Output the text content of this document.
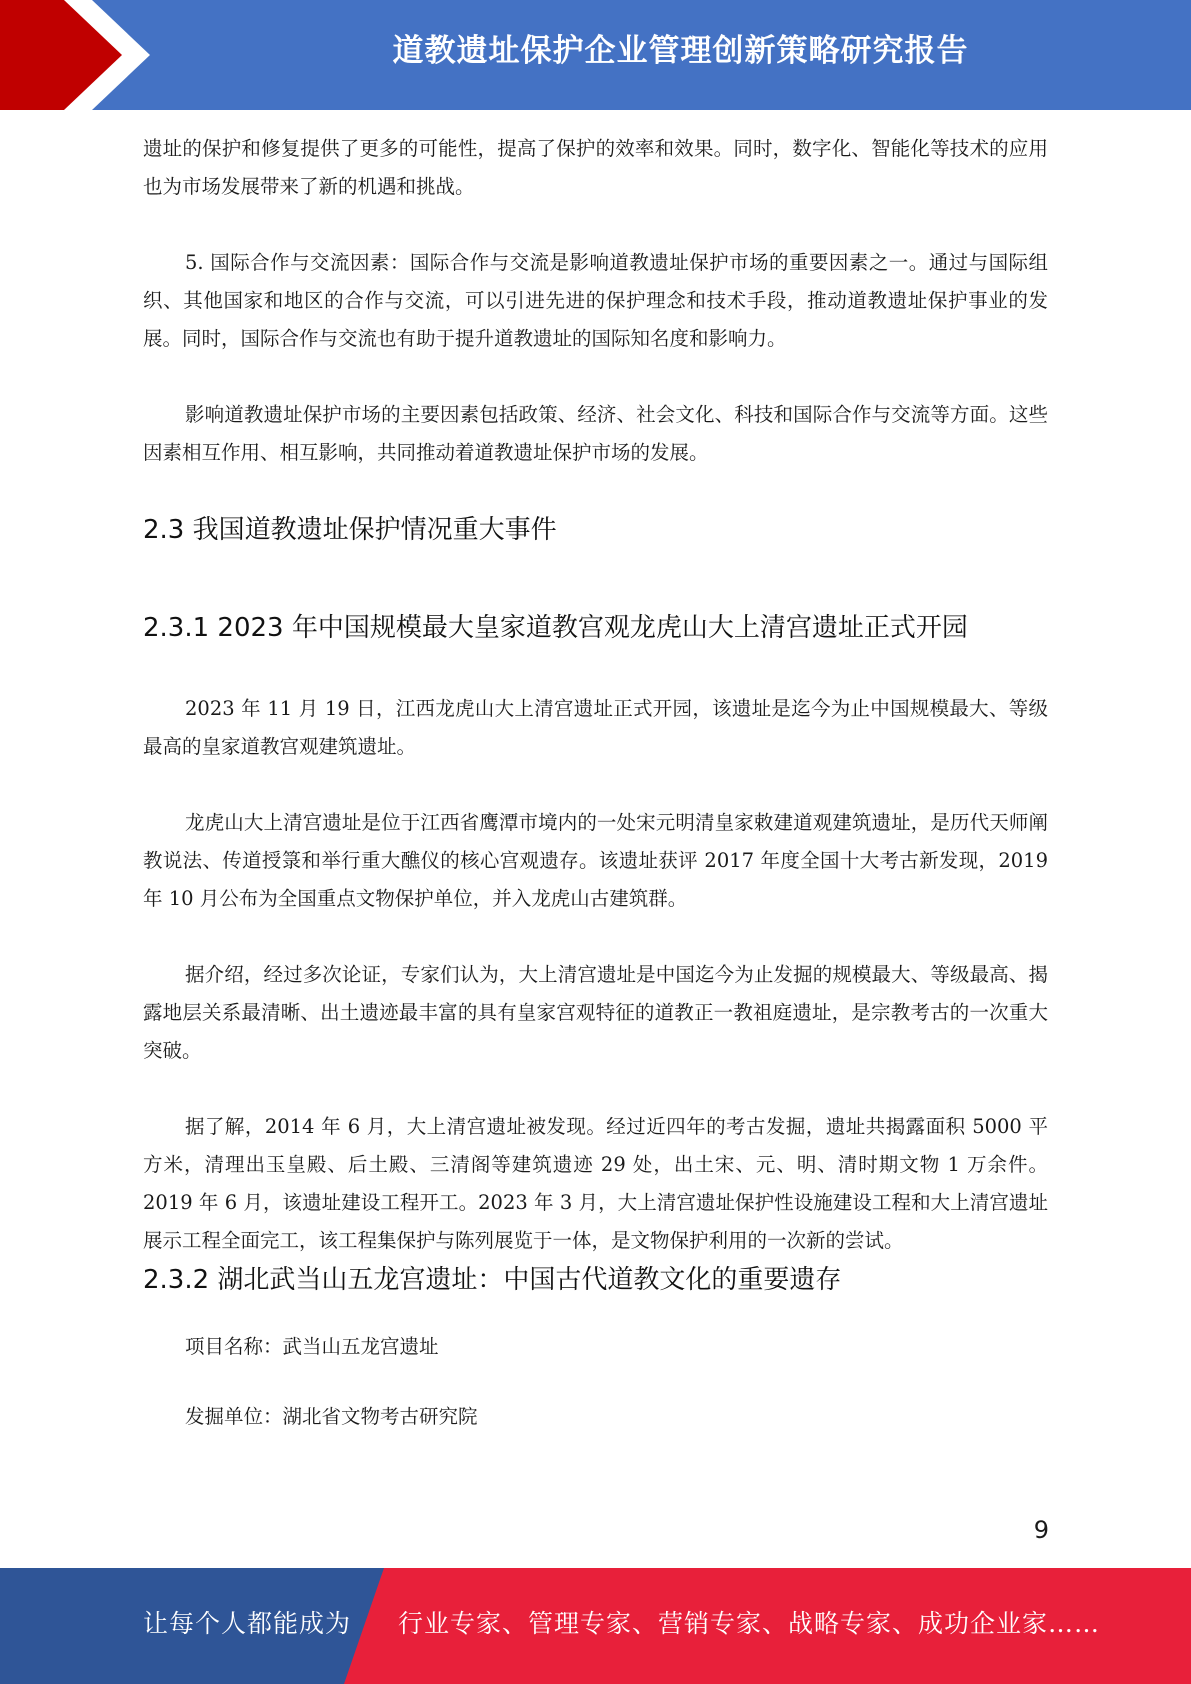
道教遗址保护企业管理创新策略研究报告

遗址的保护和修复提供了更多的可能性，提高了保护的效率和效果。同时，数字化、智能化等技术的应用也为市场发展带来了新的机遇和挑战。

5. 国际合作与交流因素：国际合作与交流是影响道教遗址保护市场的重要因素之一。通过与国际组织、其他国家和地区的合作与交流，可以引进先进的保护理念和技术手段，推动道教遗址保护事业的发展。同时，国际合作与交流也有助于提升道教遗址的国际知名度和影响力。

影响道教遗址保护市场的主要因素包括政策、经济、社会文化、科技和国际合作与交流等方面。这些因素相互作用、相互影响，共同推动着道教遗址保护市场的发展。

2.3 我国道教遗址保护情况重大事件
2.3.1 2023 年中国规模最大皇家道教宫观龙虎山大上清宫遗址正式开园

2023 年 11 月 19 日，江西龙虎山大上清宫遗址正式开园，该遗址是迄今为止中国规模最大、等级最高的皇家道教宫观建筑遗址。

龙虎山大上清宫遗址是位于江西省鹰潭市境内的一处宋元明清皇家敕建道观建筑遗址，是历代天师阐教说法、传道授箓和举行重大醮仪的核心宫观遗存。该遗址获评 2017 年度全国十大考古新发现，2019 年 10 月公布为全国重点文物保护单位，并入龙虎山古建筑群。

据介绍，经过多次论证，专家们认为，大上清宫遗址是中国迄今为止发掘的规模最大、等级最高、揭露地层关系最清晰、出土遗迹最丰富的具有皇家宫观特征的道教正一教祖庭遗址，是宗教考古的一次重大突破。

据了解，2014 年 6 月，大上清宫遗址被发现。经过近四年的考古发掘，遗址共揭露面积 5000 平方米，清理出玉皇殿、后土殿、三清阁等建筑遗迹 29 处，出土宋、元、明、清时期文物 1 万余件。2019 年 6 月，该遗址建设工程开工。2023 年 3 月，大上清宫遗址保护性设施建设工程和大上清宫遗址展示工程全面完工，该工程集保护与陈列展览于一体，是文物保护利用的一次新的尝试。

2.3.2 湖北武当山五龙宫遗址：中国古代道教文化的重要遗存

项目名称：武当山五龙宫遗址

发掘单位：湖北省文物考古研究院

9
让每个人都能成为 行业专家、管理专家、营销专家、战略专家、成功企业家……
